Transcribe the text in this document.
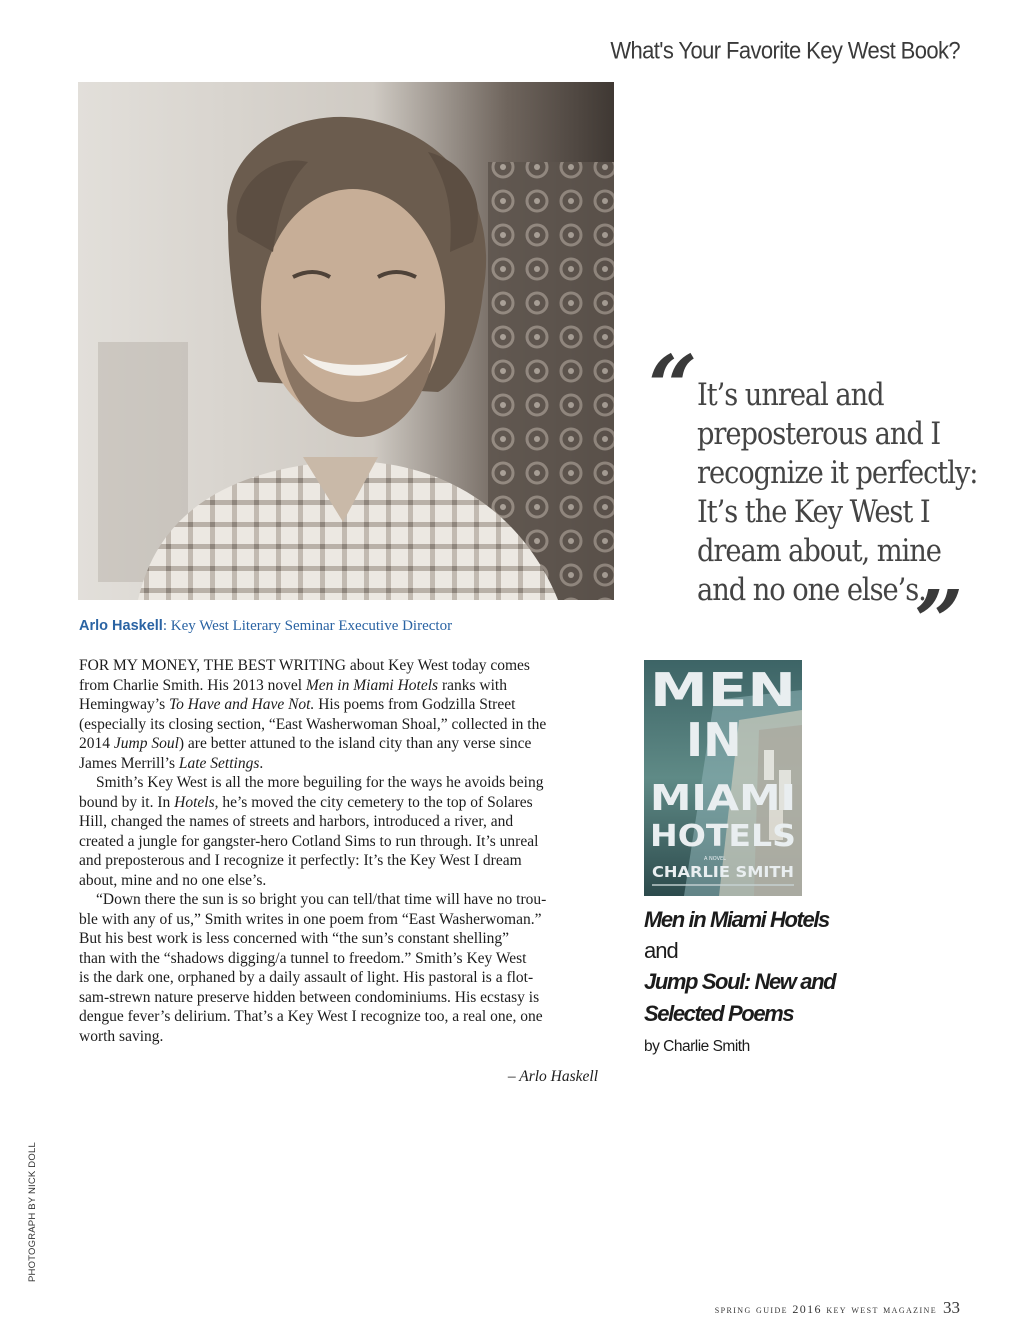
What's Your Favorite Key West Book?
Arlo Haskell: Key West Literary Seminar Executive Director
FOR MY MONEY, THE BEST WRITING about Key West today comes
from Charlie Smith. His 2013 novel Men in Miami Hotels ranks with
Hemingway’s To Have and Have Not. His poems from Godzilla Street
(especially its closing section, “East Washerwoman Shoal,” collected in the
2014 Jump Soul) are better attuned to the island city than any verse since
James Merrill’s Late Settings.
Smith’s Key West is all the more beguiling for the ways he avoids being
bound by it. In Hotels, he’s moved the city cemetery to the top of Solares
Hill, changed the names of streets and harbors, introduced a river, and
created a jungle for gangster-hero Cotland Sims to run through. It’s unreal
and preposterous and I recognize it perfectly: It’s the Key West I dream
about, mine and no one else’s.
“Down there the sun is so bright you can tell/that time will have no trou-
ble with any of us,” Smith writes in one poem from “East Washerwoman.”
But his best work is less concerned with “the sun’s constant shelling”
than with the “shadows digging/a tunnel to freedom.” Smith’s Key West
is the dark one, orphaned by a daily assault of light. His pastoral is a flot-
sam-strewn nature preserve hidden between condominiums. His ecstasy is
dengue fever’s delirium. That’s a Key West I recognize too, a real one, one
worth saving.
– Arlo Haskell
“ It’s unreal and
preposterous and I
recognize it perfectly:
It’s the Key West I
dream about, mine
and no one else’s.
”
MEN
IN
MIAMI
HOTELS
A NOVEL
CHARLIE SMITH
Men in Miami Hotels
and
Jump Soul: New and
Selected Poems
by Charlie Smith
PHOTOGRAPH BY NICK DOLL
spring guide 2016 key west magazine 33
